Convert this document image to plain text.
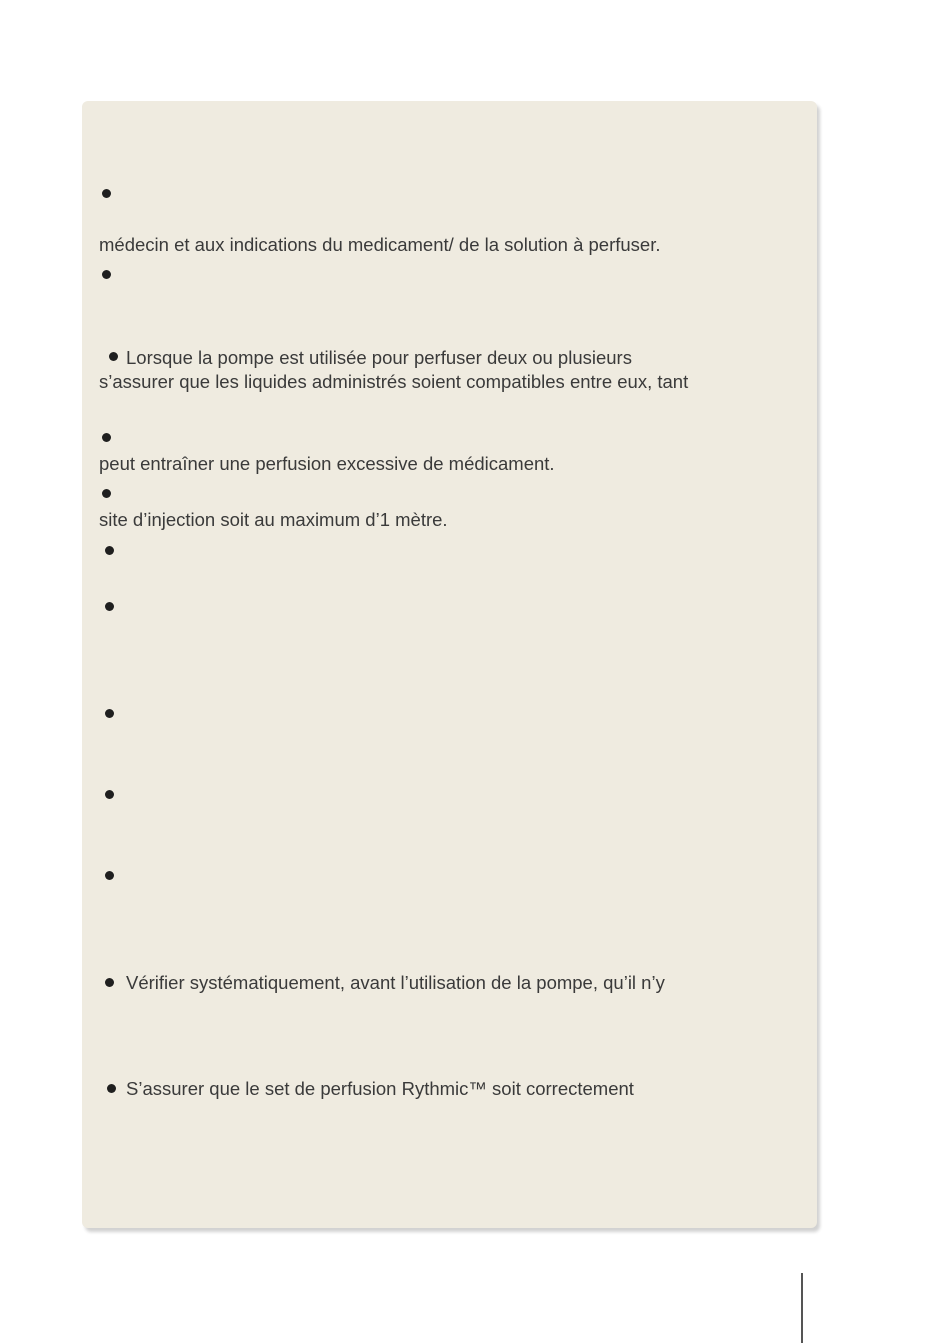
médecin et aux indications du medicament/ de la solution à perfuser.
Lorsque la pompe est utilisée pour perfuser deux ou plusieurs
s’assurer que les liquides administrés soient compatibles entre eux, tant
peut entraîner une perfusion excessive de médicament.
site d’injection soit au maximum d’1 mètre.
Vérifier systématiquement, avant l’utilisation de la pompe, qu’il n’y
S’assurer que le set de perfusion Rythmic™ soit correctement
